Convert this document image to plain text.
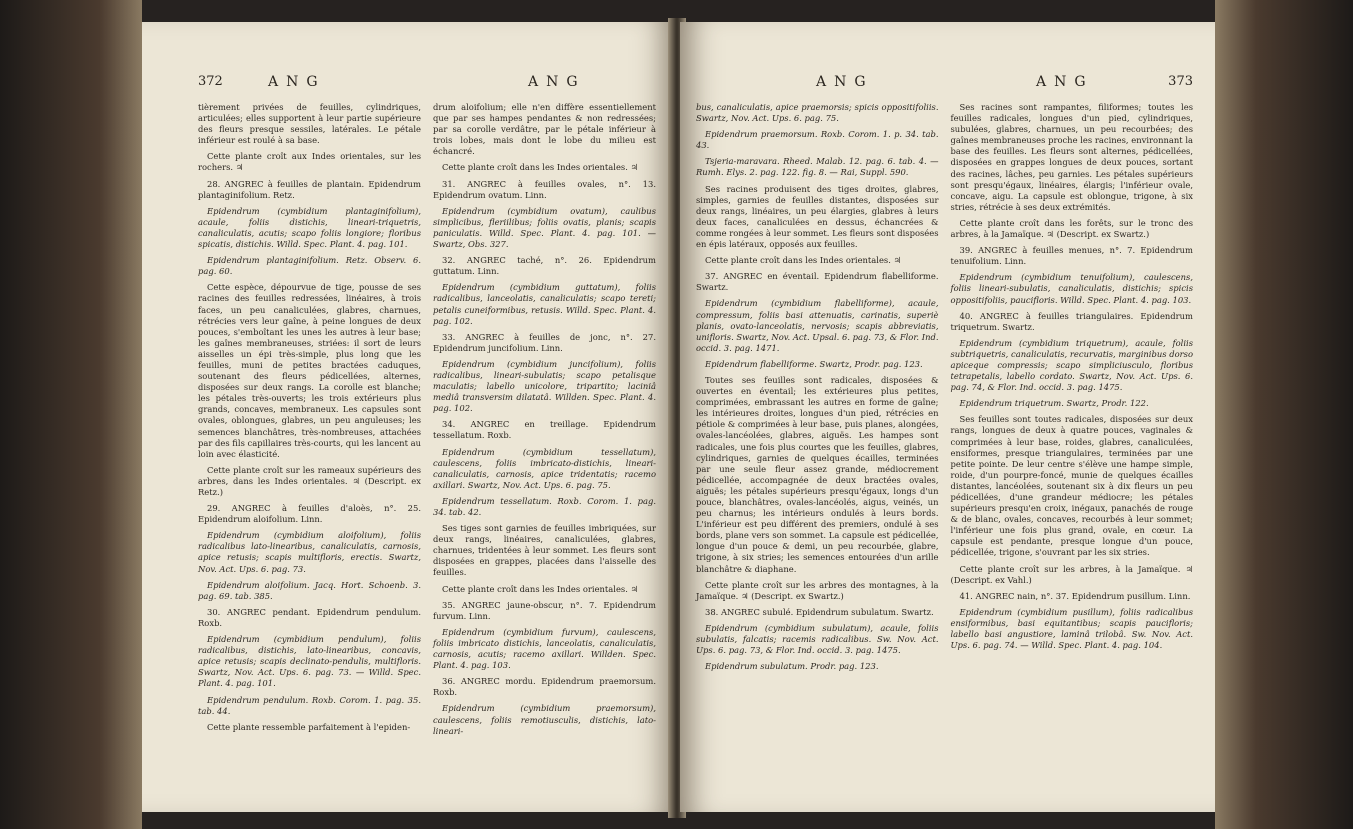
372	ANG	ANG

tièrement privées de feuilles, cylindriques, articulées; elles supportent à leur partie supérieure des fleurs presque sessiles, latérales. Le pétale inférieur est roulé à sa base.

Cette plante croît aux Indes orientales, sur les rochers. ♃

28. ANGREC à feuilles de plantain. Epidendrum plantaginifolium. Retz.

Epidendrum (cymbidium plantaginifolium), acaule, foliis distichis, lineari-triquetris, canaliculatis, acutis; scapo foliis longiore; floribus spicatis, distichis. Willd. Spec. Plant. 4. pag. 101.

Epidendrum plantaginifolium. Retz. Observ. 6. pag. 60.

Cette espèce, dépourvue de tige, pousse de ses racines des feuilles redressées, linéaires, à trois faces, un peu canaliculées, glabres, charnues, rétrécies vers leur gaîne, à peine longues de deux pouces, s'emboîtant les unes les autres à leur base; les gaînes membraneuses, striées: il sort de leurs aisselles un épi très-simple, plus long que les feuilles, muni de petites bractées caduques, soutenant des fleurs pédicellées, alternes, disposées sur deux rangs. La corolle est blanche; les pétales très-ouverts; les trois extérieurs plus grands, concaves, membraneux. Les capsules sont ovales, oblongues, glabres, un peu anguleuses; les semences blanchâtres, très-nombreuses, attachées par des fils capillaires très-courts, qui les lancent au loin avec élasticité.

Cette plante croît sur les rameaux supérieurs des arbres, dans les Indes orientales. ♃ (Descript. ex Retz.)

29. ANGREC à feuilles d'aloès, n°. 25. Epidendrum aloifolium. Linn.

Epidendrum (cymbidium aloifolium), foliis radicalibus lato-linearibus, canaliculatis, carnosis, apice retusis; scapis multifloris, erectis. Swartz, Nov. Act. Ups. 6. pag. 73.

Epidendrum aloifolium. Jacq. Hort. Schoenb. 3. pag. 69. tab. 385.

30. ANGREC pendant. Epidendrum pendulum. Roxb.

Epidendrum (cymbidium pendulum), foliis radicalibus, distichis, lato-linearibus, concavis, apice retusis; scapis declinato-pendulis, multifloris. Swartz, Nov. Act. Ups. 6. pag. 73. — Willd. Spec. Plant. 4. pag. 101.

Epidendrum pendulum. Roxb. Corom. 1. pag. 35. tab. 44.

Cette plante ressemble parfaitement à l'epiden-

drum aloifolium; elle n'en diffère essentiellement que par ses hampes pendantes & non redressées; par sa corolle verdâtre, par le pétale inférieur à trois lobes, mais dont le lobe du milieu est échancré.

Cette plante croît dans les Indes orientales. ♃

31. ANGREC à feuilles ovales, n°. 13. Epidendrum ovatum. Linn.

Epidendrum (cymbidium ovatum), caulibus simplicibus, fleriilibus; foliis ovatis, planis; scapis paniculatis. Willd. Spec. Plant. 4. pag. 101. — Swartz, Obs. 327.

32. ANGREC taché, n°. 26. Epidendrum guttatum. Linn.

Epidendrum (cymbidium guttatum), foliis radicalibus, lanceolatis, canaliculatis; scapo tereti; petalis cuneiformibus, retusis. Willd. Spec. Plant. 4. pag. 102.

33. ANGREC à feuilles de jonc, n°. 27. Epidendrum juncifolium. Linn.

Epidendrum (cymbidium juncifolium), foliis radicalibus, lineari-subulatis; scapo petalisque maculatis; labello unicolore, tripartito; laciniâ mediâ transversim dilatatâ. Willden. Spec. Plant. 4. pag. 102.

34. ANGREC en treillage. Epidendrum tessellatum. Roxb.

Epidendrum (cymbidium tessellatum), caulescens, foliis imbricato-distichis, lineari-canaliculatis, carnosis, apice tridentatis; racemo axillari. Swartz, Nov. Act. Ups. 6. pag. 75.

Epidendrum tessellatum. Roxb. Corom. 1. pag. 34. tab. 42.

Ses tiges sont garnies de feuilles imbriquées, sur deux rangs, linéaires, canaliculées, glabres, charnues, tridentées à leur sommet. Les fleurs sont disposées en grappes, placées dans l'aisselle des feuilles.

Cette plante croît dans les Indes orientales. ♃

35. ANGREC jaune-obscur, n°. 7. Epidendrum furvum. Linn.

Epidendrum (cymbidium furvum), caulescens, foliis imbricato distichis, lanceolatis, canaliculatis, carnosis, acutis; racemo axillari. Willden. Spec. Plant. 4. pag. 103.

36. ANGREC mordu. Epidendrum praemorsum. Roxb.

Epidendrum (cymbidium praemorsum), caulescens, foliis remotiusculis, distichis, lato-lineari-

ANG	ANG	373

bus, canaliculatis, apice praemorsis; spicis oppositifoliis. Swartz, Nov. Act. Ups. 6. pag. 75.

Epidendrum praemorsum. Roxb. Corom. 1. p. 34. tab. 43.

Tsjeria-maravara. Rheed. Malab. 12. pag. 6. tab. 4. — Rumh. Elys. 2. pag. 122. fig. 8. — Rai, Suppl. 590.

Ses racines produisent des tiges droites, glabres, simples, garnies de feuilles distantes, disposées sur deux rangs, linéaires, un peu élargies, glabres à leurs deux faces, canaliculées en dessus, échancrées & comme rongées à leur sommet. Les fleurs sont disposées en épis latéraux, opposés aux feuilles.

Cette plante croît dans les Indes orientales. ♃

37. ANGREC en éventail. Epidendrum flabelliforme. Swartz.

Epidendrum (cymbidium flabelliforme), acaule, compressum, foliis basi attenuatis, carinatis, superiè planis, ovato-lanceolatis, nervosis; scapis abbreviatis, unifloris. Swartz, Nov. Act. Upsal. 6. pag. 73, & Flor. Ind. occid. 3. pag. 1471.

Epidendrum flabelliforme. Swartz, Prodr. pag. 123.

Toutes ses feuilles sont radicales, disposées & ouvertes en éventail; les extérieures plus petites, comprimées, embrassant les autres en forme de gaîne; les intérieures droites, longues d'un pied, rétrécies en pétiole & comprimées à leur base, puis planes, alongées, ovales-lancéolées, glabres, aiguës. Les hampes sont radicales, une fois plus courtes que les feuilles, glabres, cylindriques, garnies de quelques écailles, terminées par une seule fleur assez grande, médiocrement pédicellée, accompagnée de deux bractées ovales, aiguës; les pétales supérieurs presqu'égaux, longs d'un pouce, blanchâtres, ovales-lancéolés, aigus, veinés, un peu charnus; les intérieurs ondulés à leurs bords. L'inférieur est peu différent des premiers, ondulé à ses bords, plane vers son sommet. La capsule est pédicellée, longue d'un pouce & demi, un peu recourbée, glabre, trigone, à six stries; les semences entourées d'un arille blanchâtre & diaphane.

Cette plante croît sur les arbres des montagnes, à la Jamaïque. ♃ (Descript. ex Swartz.)

38. ANGREC subulé. Epidendrum subulatum. Swartz.

Epidendrum (cymbidium subulatum), acaule, foliis subulatis, falcatis; racemis radicalibus. Sw. Nov. Act. Ups. 6. pag. 73, & Flor. Ind. occid. 3. pag. 1475.

Epidendrum subulatum. Prodr. pag. 123.

Ses racines sont rampantes, filiformes; toutes les feuilles radicales, longues d'un pied, cylindriques, subulées, glabres, charnues, un peu recourbées; des gaînes membraneuses proche les racines, environnant la base des feuilles. Les fleurs sont alternes, pédicellées, disposées en grappes longues de deux pouces, sortant des racines, lâches, peu garnies. Les pétales supérieurs sont presqu'égaux, linéaires, élargis; l'inférieur ovale, concave, aigu. La capsule est oblongue, trigone, à six stries, rétrécie à ses deux extrémités.

Cette plante croît dans les forêts, sur le tronc des arbres, à la Jamaïque. ♃ (Descript. ex Swartz.)

39. ANGREC à feuilles menues, n°. 7. Epidendrum tenuifolium. Linn.

Epidendrum (cymbidium tenuifolium), caulescens, foliis lineari-subulatis, canaliculatis, distichis; spicis oppositifoliis, paucifloris. Willd. Spec. Plant. 4. pag. 103.

40. ANGREC à feuilles triangulaires. Epidendrum triquetrum. Swartz.

Epidendrum (cymbidium triquetrum), acaule, foliis subtriquetris, canaliculatis, recurvatis, marginibus dorso apiceque compressis; scapo simpliciusculo, floribus tetrapetalis, labello cordato. Swartz, Nov. Act. Ups. 6. pag. 74, & Flor. Ind. occid. 3. pag. 1475.

Epidendrum triquetrum. Swartz, Prodr. 122.

Ses feuilles sont toutes radicales, disposées sur deux rangs, longues de deux à quatre pouces, vaginales & comprimées à leur base, roides, glabres, canaliculées, ensiformes, presque triangulaires, terminées par une petite pointe. De leur centre s'élève une hampe simple, roide, d'un pourpre-foncé, munie de quelques écailles distantes, lancéolées, soutenant six à dix fleurs un peu pédicellées, d'une grandeur médiocre; les pétales supérieurs presqu'en croix, inégaux, panachés de rouge & de blanc, ovales, concaves, recourbés à leur sommet; l'inférieur une fois plus grand, ovale, en cœur. La capsule est pendante, presque longue d'un pouce, pédicellée, trigone, s'ouvrant par les six stries.

Cette plante croît sur les arbres, à la Jamaïque. ♃ (Descript. ex Vahl.)

41. ANGREC nain, n°. 37. Epidendrum pusillum. Linn.

Epidendrum (cymbidium pusillum), foliis radicalibus ensiformibus, basi equitantibus; scapis paucifloris; labello basi angustiore, laminâ trilobâ. Sw. Nov. Act. Ups. 6. pag. 74. — Willd. Spec. Plant. 4. pag. 104.
